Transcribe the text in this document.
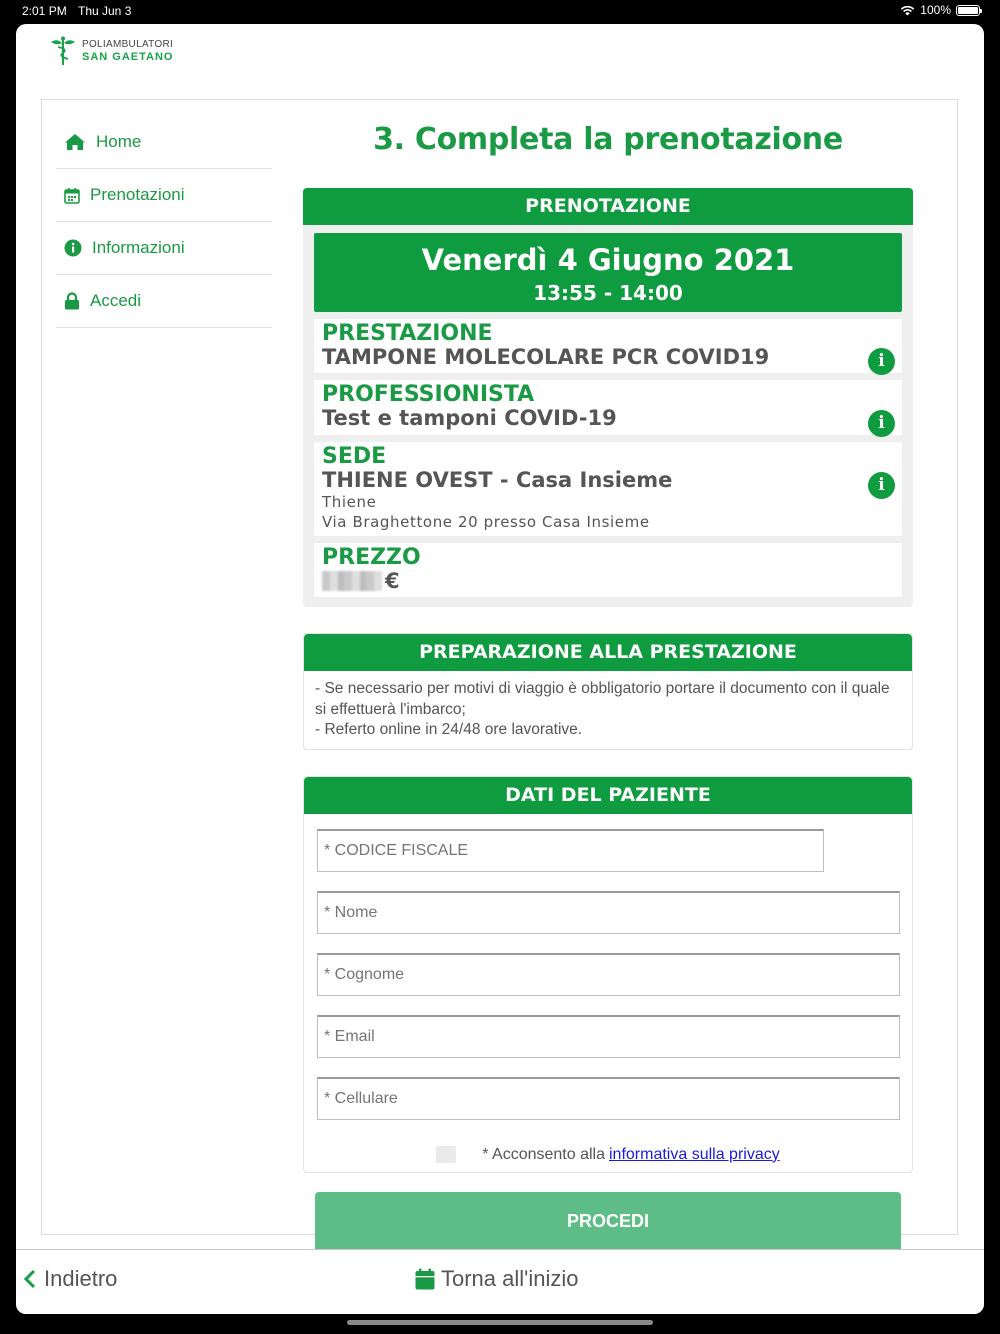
2:01 PM Thu Jun 3	100%
POLIAMBULATORI
SAN GAETANO
Home
Prenotazioni
Informazioni
Accedi
3. Completa la prenotazione
PRENOTAZIONE
Venerdì 4 Giugno 2021
13:55 - 14:00
PRESTAZIONE
TAMPONE MOLECOLARE PCR COVID19	i
PROFESSIONISTA
Test e tamponi COVID-19	i
SEDE
THIENE OVEST - Casa Insieme
Thiene
Via Braghettone 20 presso Casa Insieme
i
PREZZO
€
PREPARAZIONE ALLA PRESTAZIONE
- Se necessario per motivi di viaggio è obbligatorio portare il documento con il quale si effettuerà l'imbarco;
- Referto online in 24/48 ore lavorative.
DATI DEL PAZIENTE
* CODICE FISCALE
* Nome
* Cognome
* Email
* Cellulare
* Acconsento alla informativa sulla privacy
PROCEDI
Indietro	Torna all'inizio
